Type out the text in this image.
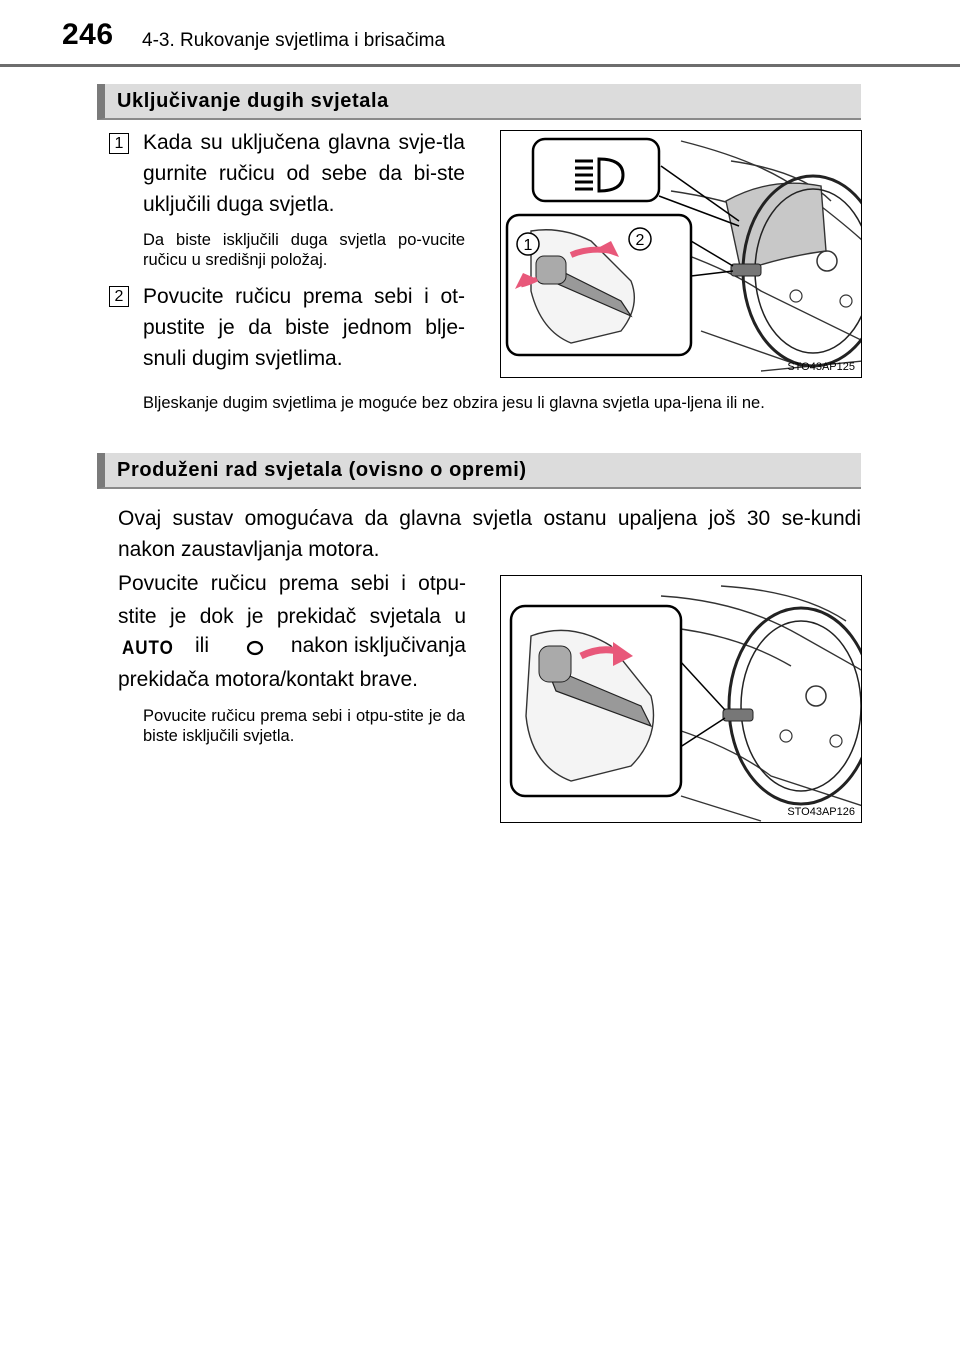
246 4-3. Rukovanje svjetlima i brisačima
Uključivanje dugih svjetala
1 Kada su uključena glavna svje-tla gurnite ručicu od sebe da bi-ste uključili duga svjetla.
Da biste isključili duga svjetla po-vucite ručicu u središnji položaj.
2 Povucite ručicu prema sebi i ot-pustite je da biste jednom blje-snuli dugim svjetlima.
Bljeskanje dugim svjetlima je moguće bez obzira jesu li glavna svjetla upa-ljena ili ne.
1	2
STO43AP125
Produženi rad svjetala (ovisno o opremi)
Ovaj sustav omogućava da glavna svjetla ostanu upaljena još 30 se-kundi nakon zaustavljanja motora.
Povucite ručicu prema sebi i otpu-
stite je dok je prekidač svjetala u
AUTO ili	nakon isključivanja
prekidača motora/kontakt brave.
Povucite ručicu prema sebi i otpu-stite je da biste isključili svjetla.
STO43AP126
